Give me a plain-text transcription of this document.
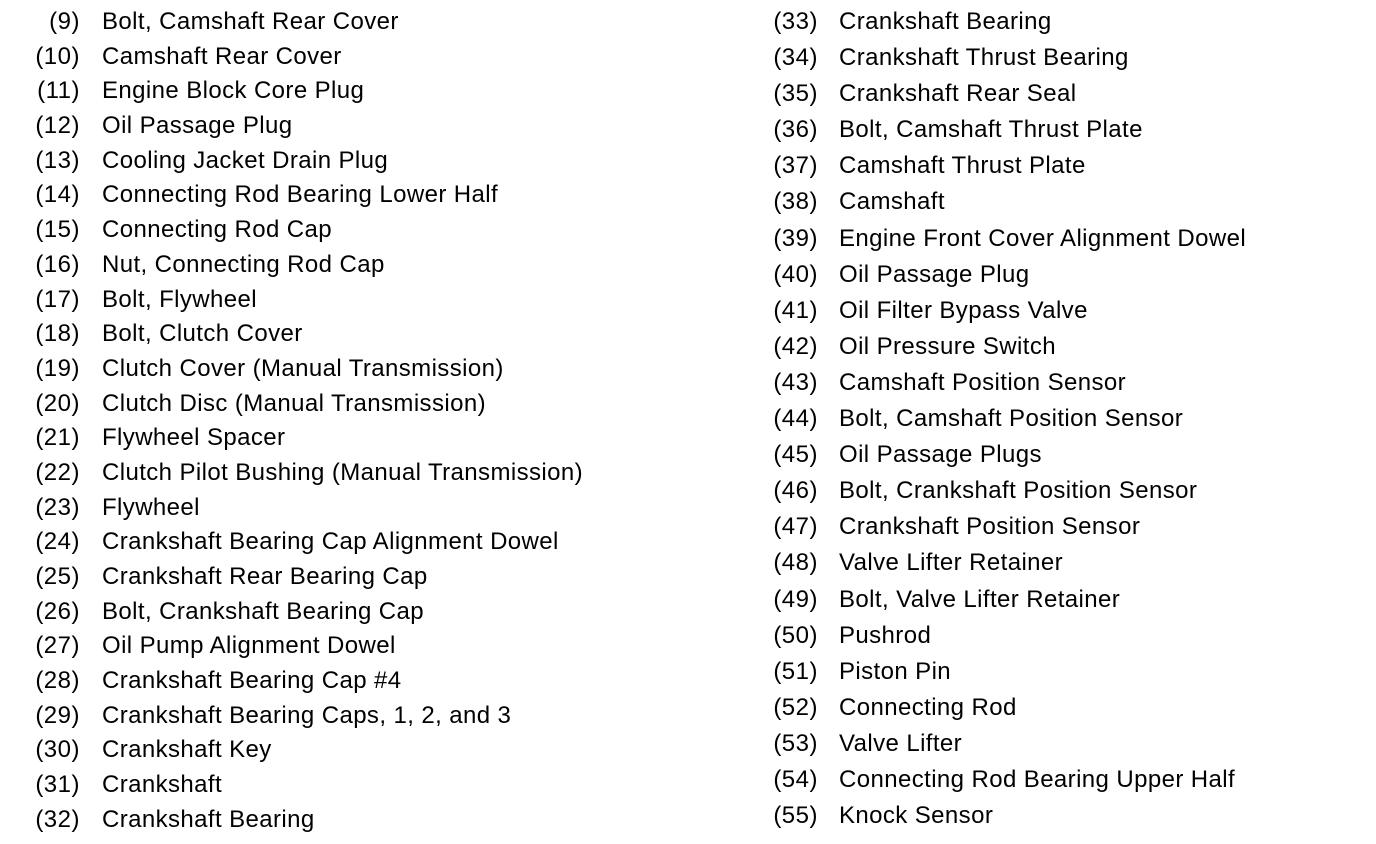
(9) Bolt, Camshaft Rear Cover
(10) Camshaft Rear Cover
(11) Engine Block Core Plug
(12) Oil Passage Plug
(13) Cooling Jacket Drain Plug
(14) Connecting Rod Bearing Lower Half
(15) Connecting Rod Cap
(16) Nut, Connecting Rod Cap
(17) Bolt, Flywheel
(18) Bolt, Clutch Cover
(19) Clutch Cover (Manual Transmission)
(20) Clutch Disc (Manual Transmission)
(21) Flywheel Spacer
(22) Clutch Pilot Bushing (Manual Transmission)
(23) Flywheel
(24) Crankshaft Bearing Cap Alignment Dowel
(25) Crankshaft Rear Bearing Cap
(26) Bolt, Crankshaft Bearing Cap
(27) Oil Pump Alignment Dowel
(28) Crankshaft Bearing Cap #4
(29) Crankshaft Bearing Caps, 1, 2, and 3
(30) Crankshaft Key
(31) Crankshaft
(32) Crankshaft Bearing
(33) Crankshaft Bearing
(34) Crankshaft Thrust Bearing
(35) Crankshaft Rear Seal
(36) Bolt, Camshaft Thrust Plate
(37) Camshaft Thrust Plate
(38) Camshaft
(39) Engine Front Cover Alignment Dowel
(40) Oil Passage Plug
(41) Oil Filter Bypass Valve
(42) Oil Pressure Switch
(43) Camshaft Position Sensor
(44) Bolt, Camshaft Position Sensor
(45) Oil Passage Plugs
(46) Bolt, Crankshaft Position Sensor
(47) Crankshaft Position Sensor
(48) Valve Lifter Retainer
(49) Bolt, Valve Lifter Retainer
(50) Pushrod
(51) Piston Pin
(52) Connecting Rod
(53) Valve Lifter
(54) Connecting Rod Bearing Upper Half
(55) Knock Sensor
